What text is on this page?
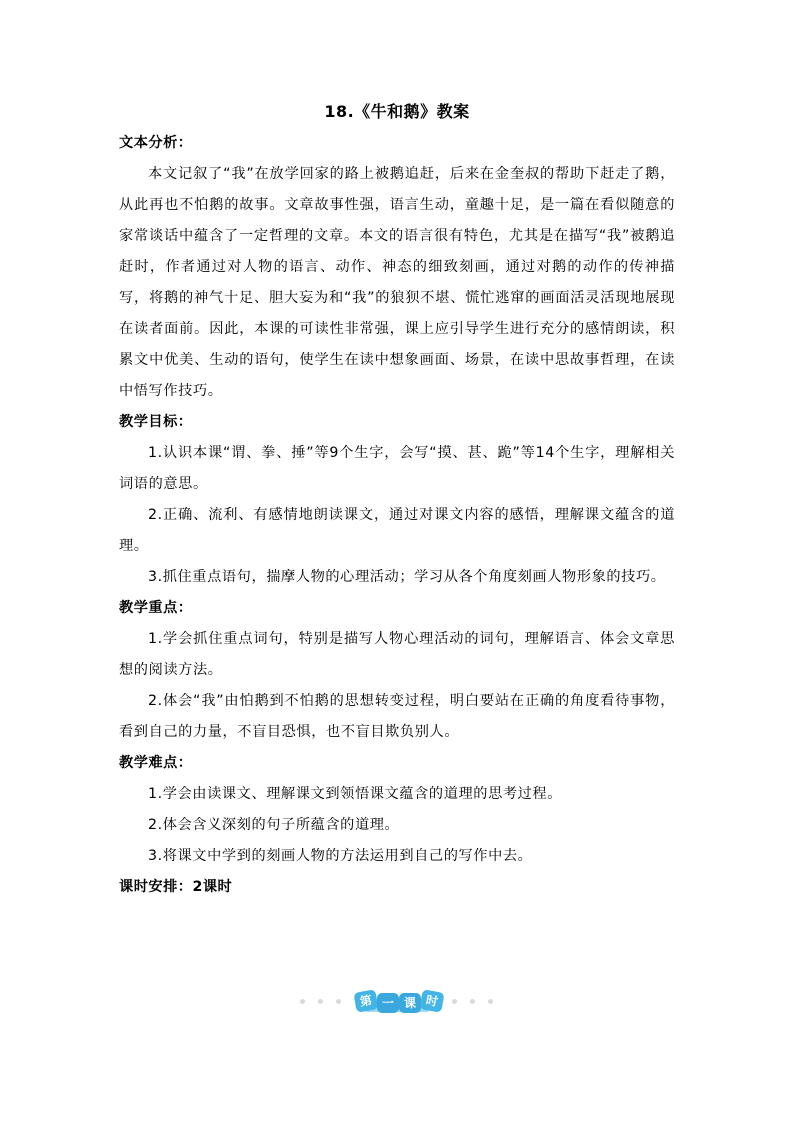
18.《牛和鹅》教案

文本分析：

本文记叙了“我”在放学回家的路上被鹅追赶，后来在金奎叔的帮助下赶走了鹅，从此再也不怕鹅的故事。文章故事性强，语言生动，童趣十足，是一篇在看似随意的家常谈话中蕴含了一定哲理的文章。本文的语言很有特色，尤其是在描写“我”被鹅追赶时，作者通过对人物的语言、动作、神态的细致刻画，通过对鹅的动作的传神描写，将鹅的神气十足、胆大妄为和“我”的狼狈不堪、慌忙逃窜的画面活灵活现地展现在读者面前。因此，本课的可读性非常强，课上应引导学生进行充分的感情朗读，积累文中优美、生动的语句，使学生在读中想象画面、场景，在读中思故事哲理，在读中悟写作技巧。

教学目标：

1.认识本课“谓、拳、捶”等9个生字，会写“摸、甚、跪”等14个生字，理解相关词语的意思。

2.正确、流利、有感情地朗读课文，通过对课文内容的感悟，理解课文蕴含的道理。

3.抓住重点语句，揣摩人物的心理活动；学习从各个角度刻画人物形象的技巧。

教学重点：

1.学会抓住重点词句，特别是描写人物心理活动的词句，理解语言、体会文章思想的阅读方法。

2.体会“我”由怕鹅到不怕鹅的思想转变过程，明白要站在正确的角度看待事物，看到自己的力量，不盲目恐惧，也不盲目欺负别人。

教学难点：

1.学会由读课文、理解课文到领悟课文蕴含的道理的思考过程。

2.体会含义深刻的句子所蕴含的道理。

3.将课文中学到的刻画人物的方法运用到自己的写作中去。

课时安排：2课时

第 一 课 时
